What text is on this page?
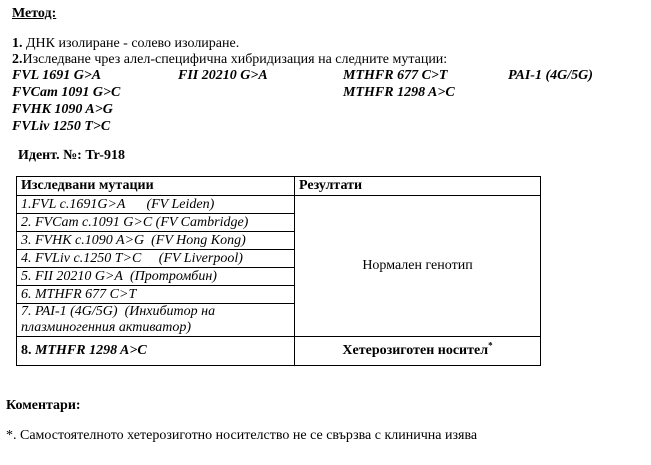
Метод:
1. ДНК изолиране - солево изолиране.
2.Изследване чрез алел-специфична хибридизация на следните мутации:
FVL 1691 G>A	FII 20210 G>A	MTHFR 677 C>T	PAI-1 (4G/5G)
FVCam 1091 G>C	MTHFR 1298 A>C
FVHK 1090 A>G
FVLiv 1250 T>C
Идент. №: Tr-918
Изследвани мутации	Резултати
1.FVL c.1691G>A (FV Leiden)	Нормален генотип
2. FVCam c.1091 G>C (FV Cambridge)	
3. FVHK c.1090 A>G (FV Hong Kong)	
4. FVLiv c.1250 T>C (FV Liverpool)	
5. FII 20210 G>A (Протромбин)	
6. MTHFR 677 C>T	
7. PAI-1 (4G/5G) (Инхибитор на
плазминогенния активатор)	
8. MTHFR 1298 A>C	Хетерозиготен носител*
Коментари:
*. Самостоятелното хетерозиготно носителство не се свързва с клинична изява
